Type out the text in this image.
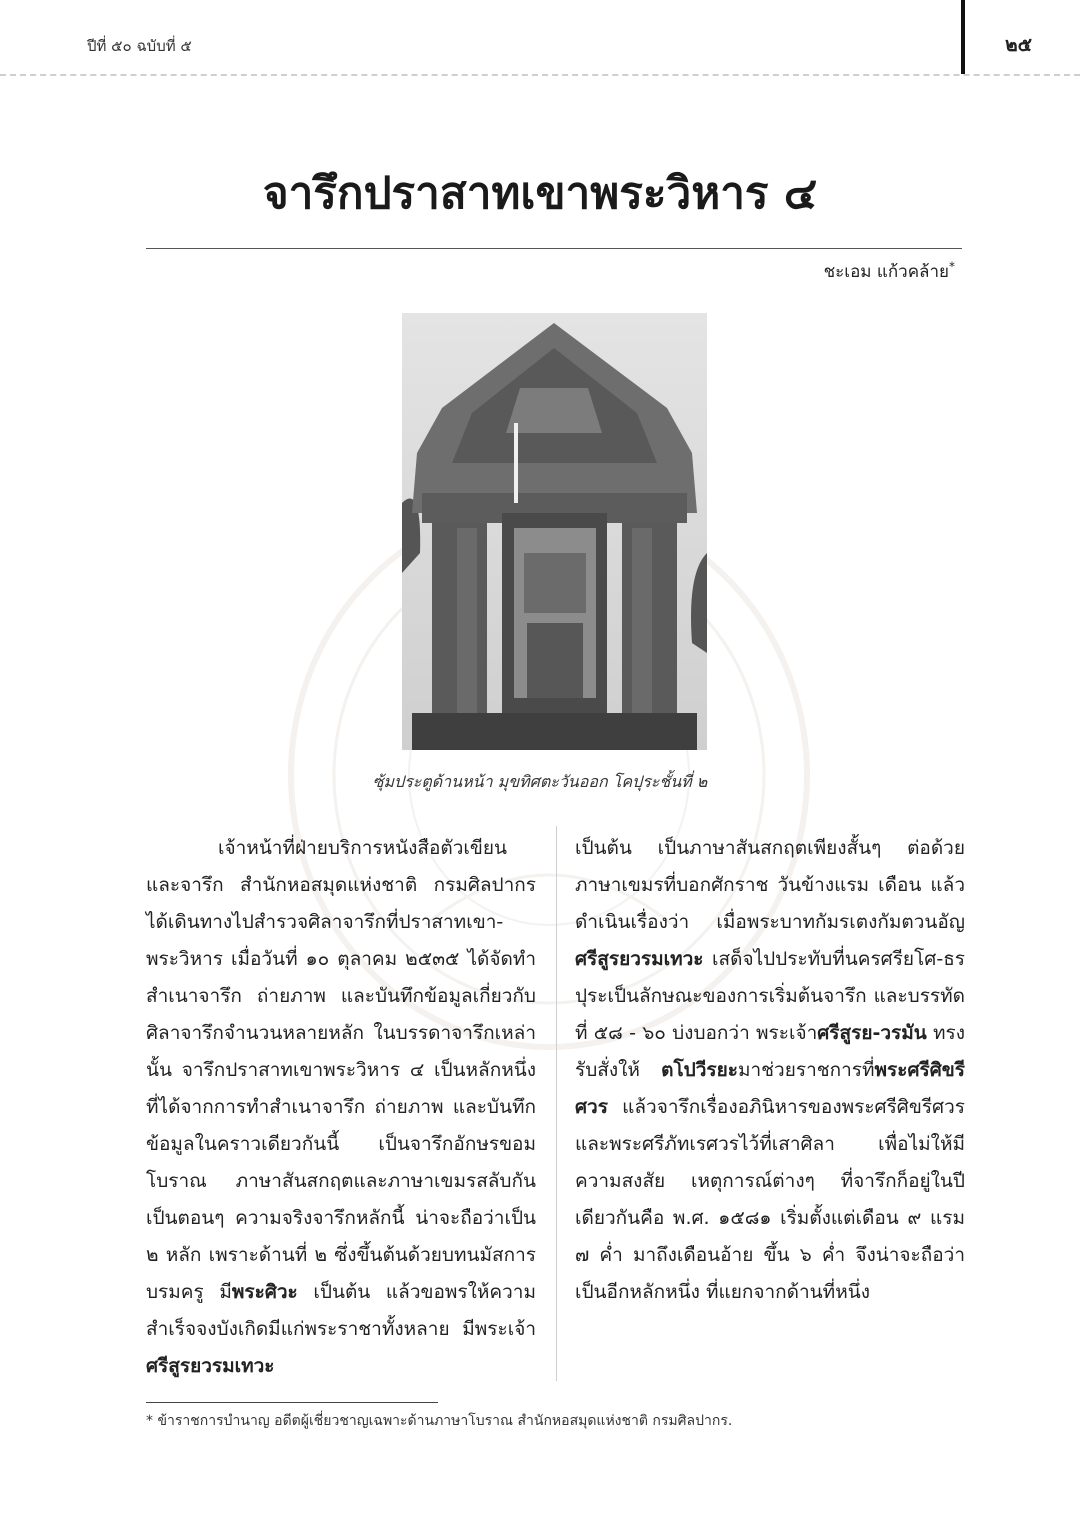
ปีที่ ๕๐ ฉบับที่ ๕	๒๕
จารึกปราสาทเขาพระวิหาร ๔
ชะเอม แก้วคล้าย*
ซุ้มประตูด้านหน้า มุขทิศตะวันออก โคปุระชั้นที่ ๒

เจ้าหน้าที่ฝ่ายบริการหนังสือตัวเขียนและจารึก สำนักหอสมุดแห่งชาติ กรมศิลปากร ได้เดินทางไปสำรวจศิลาจารึกที่ปราสาทเขา-พระวิหาร เมื่อวันที่ ๑๐ ตุลาคม ๒๕๓๕ ได้จัดทำสำเนาจารึก ถ่ายภาพ และบันทึกข้อมูลเกี่ยวกับศิลาจารึกจำนวนหลายหลัก ในบรรดาจารึกเหล่านั้น จารึกปราสาทเขาพระวิหาร ๔ เป็นหลักหนึ่งที่ได้จากการทำสำเนาจารึก ถ่ายภาพ และบันทึกข้อมูลในคราวเดียวกันนี้ เป็นจารึกอักษรขอมโบราณ ภาษาสันสกฤตและภาษาเขมรสลับกันเป็นตอนๆ ความจริงจารึกหลักนี้ น่าจะถือว่าเป็น ๒ หลัก เพราะด้านที่ ๒ ซึ่งขึ้นต้นด้วยบทนมัสการบรมครู มีพระศิวะ เป็นต้น แล้วขอพรให้ความสำเร็จจงบังเกิดมีแก่พระราชาทั้งหลาย มีพระเจ้าศรีสูรยวรมเทวะ

เป็นต้น เป็นภาษาสันสกฤตเพียงสั้นๆ ต่อด้วยภาษาเขมรที่บอกศักราช วันข้างแรม เดือน แล้วดำเนินเรื่องว่า เมื่อพระบาทกัมรเตงกัมตวนอัญ ศรีสูรยวรมเทวะ เสด็จไปประทับที่นครศรียโศ-ธรปุระเป็นลักษณะของการเริ่มต้นจารึก และบรรทัดที่ ๕๘ - ๖๐ บ่งบอกว่า พระเจ้าศรีสูรย-วรมัน ทรงรับสั่งให้ ตโปวีรยะมาช่วยราชการที่พระศรีศิขรีศวร แล้วจารึกเรื่องอภินิหารของพระศรีศิขรีศวร และพระศรีภัทเรศวรไว้ที่เสาศิลา เพื่อไม่ให้มีความสงสัย เหตุการณ์ต่างๆ ที่จารึกก็อยู่ในปีเดียวกันคือ พ.ศ. ๑๕๘๑ เริ่มตั้งแต่เดือน ๙ แรม ๗ ค่ำ มาถึงเดือนอ้าย ขึ้น ๖ ค่ำ จึงน่าจะถือว่าเป็นอีกหลักหนึ่ง ที่แยกจากด้านที่หนึ่ง

* ข้าราชการบำนาญ อดีตผู้เชี่ยวชาญเฉพาะด้านภาษาโบราณ สำนักหอสมุดแห่งชาติ กรมศิลปากร.
